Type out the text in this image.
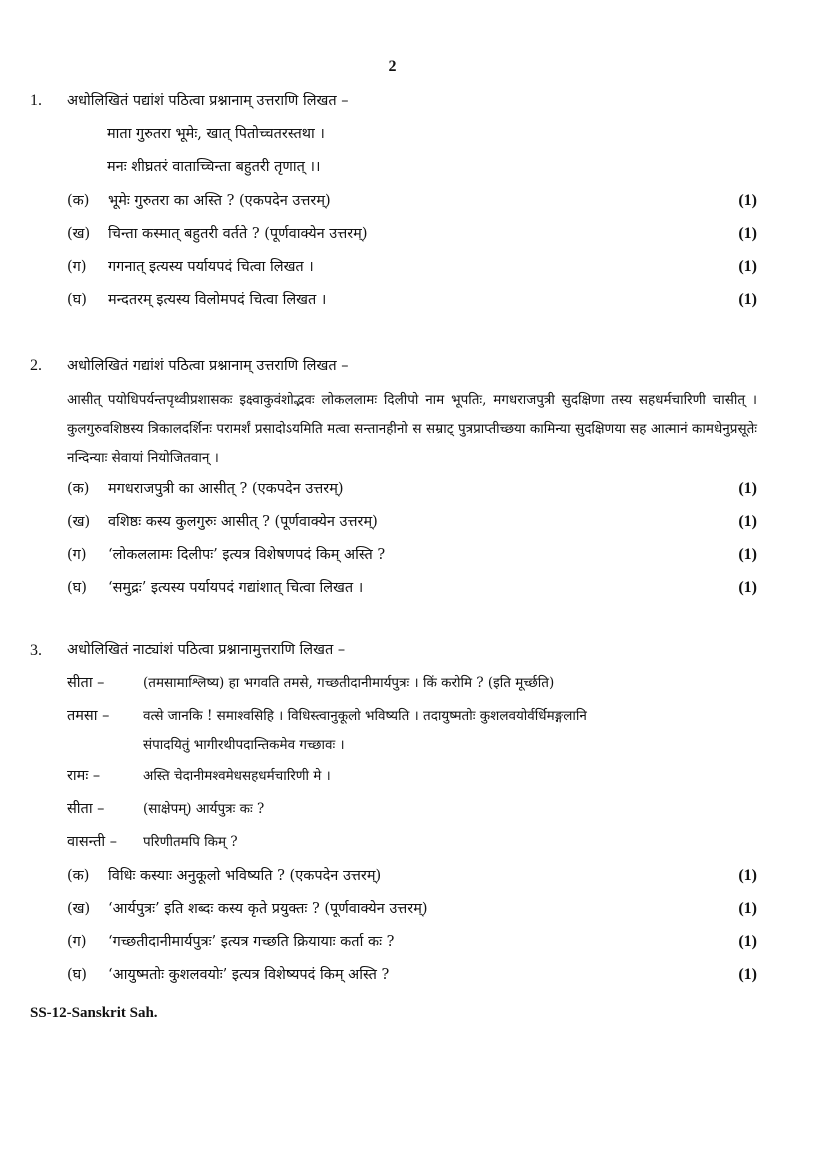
2
1. अधोलिखितं पद्यांशं पठित्वा प्रश्नानाम् उत्तराणि लिखत –
माता गुरुतरा भूमेः, खात् पितोच्चतरस्तथा ।
मनः शीघ्रतरं वाताच्चिन्ता बहुतरी तृणात् ।।
(क)	भूमेः गुरुतरा का अस्ति ? (एकपदेन उत्तरम्)	(1)
(ख)	चिन्ता कस्मात् बहुतरी वर्तते ? (पूर्णवाक्येन उत्तरम्)	(1)
(ग)	गगनात् इत्यस्य पर्यायपदं चित्वा लिखत ।	(1)
(घ)	मन्दतरम् इत्यस्य विलोमपदं चित्वा लिखत ।	(1)
2. अधोलिखितं गद्यांशं पठित्वा प्रश्नानाम् उत्तराणि लिखत –
आसीत् पयोधिपर्यन्तपृथ्वीप्रशासकः इक्ष्वाकुवंशोद्भवः लोकललामः दिलीपो नाम भूपतिः, मगधराजपुत्री सुदक्षिणा तस्य सहधर्मचारिणी चासीत् । कुलगुरुवशिष्ठस्य त्रिकालदर्शिनः परामर्शं प्रसादोऽयमिति मत्वा सन्तानहीनो स सम्राट् पुत्रप्राप्तीच्छया कामिन्या सुदक्षिणया सह आत्मानं कामधेनुप्रसूतेः नन्दिन्याः सेवायां नियोजितवान् ।
(क)	मगधराजपुत्री का आसीत् ? (एकपदेन उत्तरम्)	(1)
(ख)	वशिष्ठः कस्य कुलगुरुः आसीत् ? (पूर्णवाक्येन उत्तरम्)	(1)
(ग)	‘लोकललामः दिलीपः’ इत्यत्र विशेषणपदं किम् अस्ति ?	(1)
(घ)	‘समुद्रः’ इत्यस्य पर्यायपदं गद्यांशात् चित्वा लिखत ।	(1)
3. अधोलिखितं नाट्यांशं पठित्वा प्रश्नानामुत्तराणि लिखत –
सीता –	(तमसामाश्लिष्य) हा भगवति तमसे, गच्छतीदानीमार्यपुत्रः । किं करोमि ? (इति मूर्च्छति)
तमसा – वत्से जानकि ! समाश्वसिहि । विधिस्त्वानुकूलो भविष्यति । तदायुष्मतोः कुशलवयोर्वर्धिमङ्गलानि
संपादयितुं भागीरथीपदान्तिकमेव गच्छावः ।
रामः –	अस्ति चेदानीमश्वमेधसहधर्मचारिणी मे ।
सीता –	(साक्षेपम्) आर्यपुत्रः कः ?
वासन्ती – परिणीतमपि किम् ?
(क)	विधिः कस्याः अनुकूलो भविष्यति ? (एकपदेन उत्तरम्)	(1)
(ख)	‘आर्यपुत्रः’ इति शब्दः कस्य कृते प्रयुक्तः ? (पूर्णवाक्येन उत्तरम्)	(1)
(ग)	‘गच्छतीदानीमार्यपुत्रः’ इत्यत्र गच्छति क्रियायाः कर्ता कः ?	(1)
(घ)	‘आयुष्मतोः कुशलवयोः’ इत्यत्र विशेष्यपदं किम् अस्ति ?	(1)
SS-12-Sanskrit Sah.
